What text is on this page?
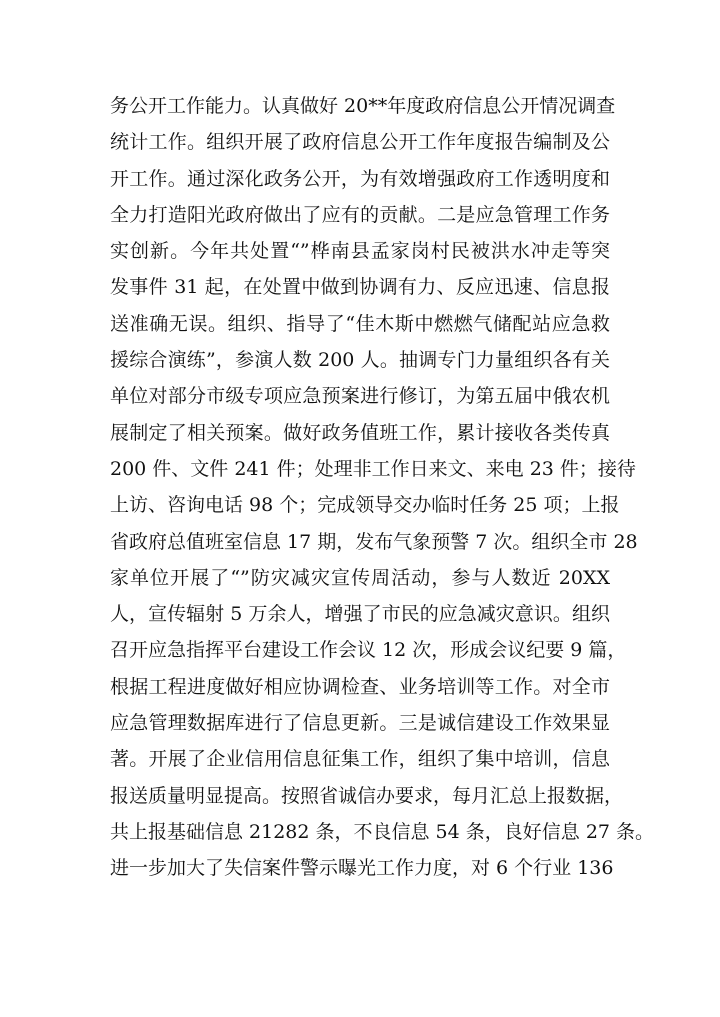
务公开工作能力。认真做好 20**年度政府信息公开情况调查
统计工作。组织开展了政府信息公开工作年度报告编制及公
开工作。通过深化政务公开，为有效增强政府工作透明度和
全力打造阳光政府做出了应有的贡献。二是应急管理工作务
实创新。今年共处置“”桦南县孟家岗村民被洪水冲走等突
发事件 31 起，在处置中做到协调有力、反应迅速、信息报
送准确无误。组织、指导了“佳木斯中燃燃气储配站应急救
援综合演练”，参演人数 200 人。抽调专门力量组织各有关
单位对部分市级专项应急预案进行修订，为第五届中俄农机
展制定了相关预案。做好政务值班工作，累计接收各类传真
200 件、文件 241 件；处理非工作日来文、来电 23 件；接待
上访、咨询电话 98 个；完成领导交办临时任务 25 项；上报
省政府总值班室信息 17 期，发布气象预警 7 次。组织全市 28
家单位开展了“”防灾减灾宣传周活动，参与人数近 20XX
人，宣传辐射 5 万余人，增强了市民的应急减灾意识。组织
召开应急指挥平台建设工作会议 12 次，形成会议纪要 9 篇，
根据工程进度做好相应协调检查、业务培训等工作。对全市
应急管理数据库进行了信息更新。三是诚信建设工作效果显
著。开展了企业信用信息征集工作，组织了集中培训，信息
报送质量明显提高。按照省诚信办要求，每月汇总上报数据，
共上报基础信息 21282 条，不良信息 54 条，良好信息 27 条。
进一步加大了失信案件警示曝光工作力度，对 6 个行业 136
